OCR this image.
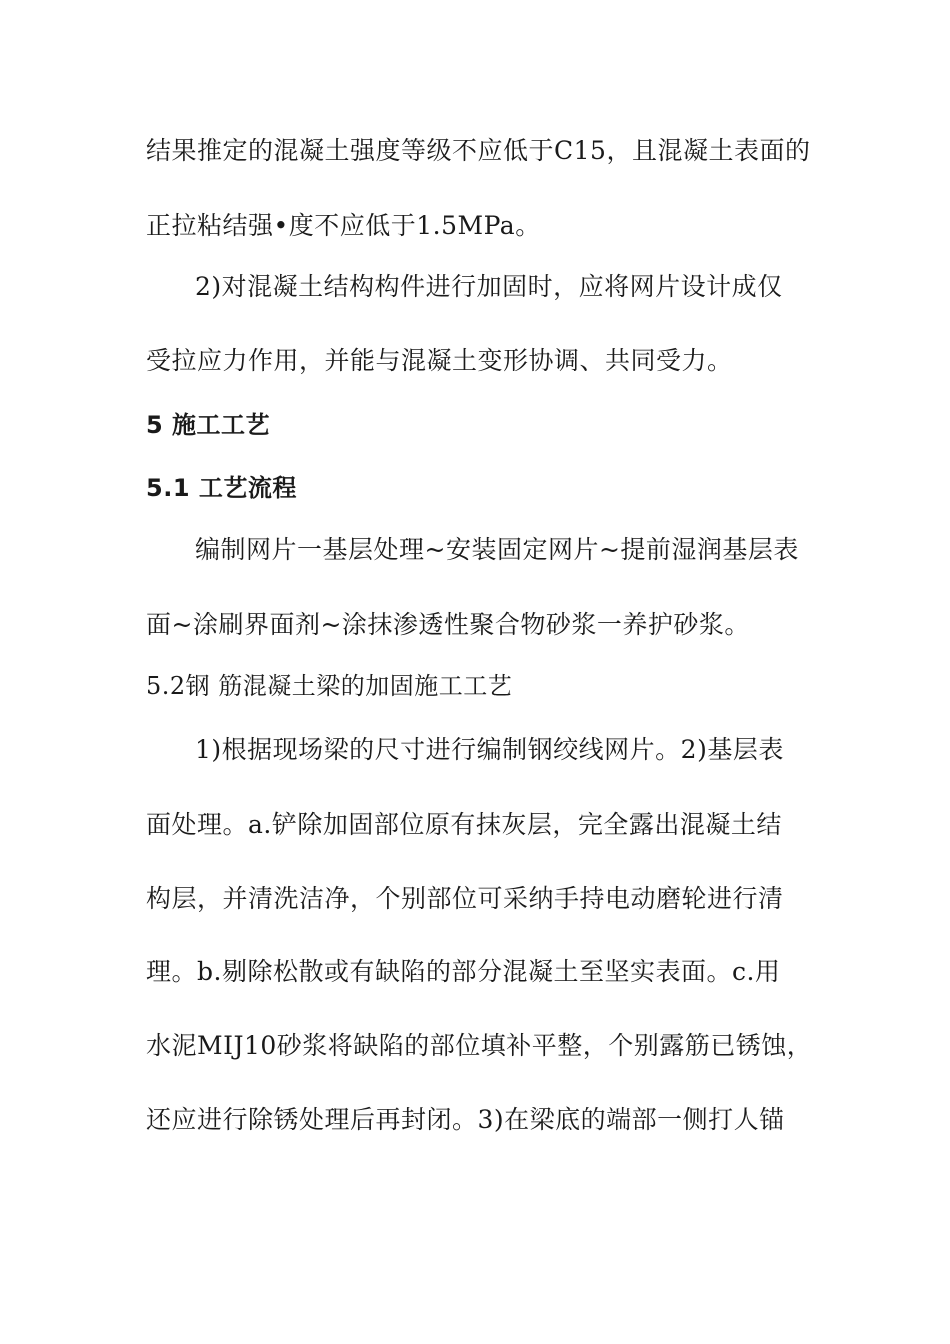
结果推定的混凝土强度等级不应低于C15，且混凝土表面的
正拉粘结强•度不应低于1.5MPa。
2)对混凝土结构构件进行加固时，应将网片设计成仅
受拉应力作用，并能与混凝土变形协调、共同受力。
5 施工工艺
5.1 工艺流程
编制网片一基层处理~安装固定网片~提前湿润基层表
面~涂刷界面剂~涂抹渗透性聚合物砂浆一养护砂浆。
5.2钢 筋混凝土梁的加固施工工艺
1)根据现场梁的尺寸进行编制钢绞线网片。2)基层表
面处理。a.铲除加固部位原有抹灰层，完全露出混凝土结
构层，并清洗洁净，个别部位可采纳手持电动磨轮进行清
理。b.剔除松散或有缺陷的部分混凝土至坚实表面。c.用
水泥MIJ10砂浆将缺陷的部位填补平整，个别露筋已锈蚀，
还应进行除锈处理后再封闭。3)在梁底的端部一侧打人锚
